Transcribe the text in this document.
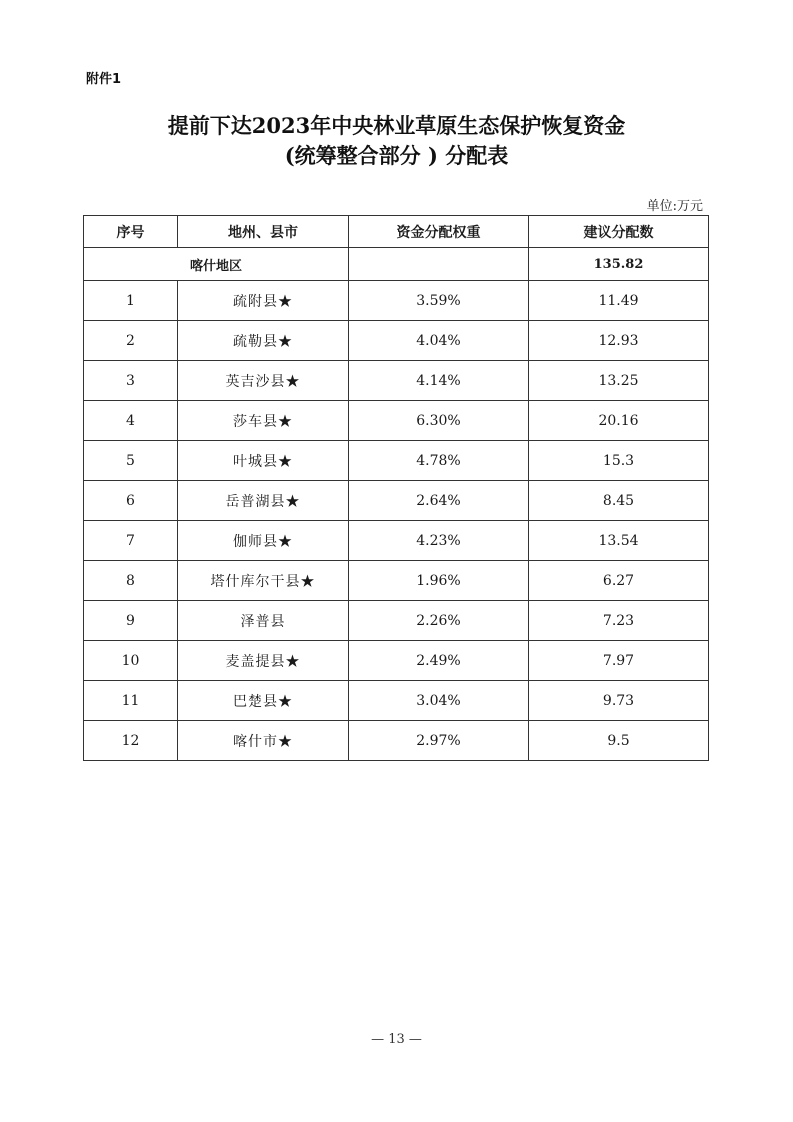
附件1
提前下达2023年中央林业草原生态保护恢复资金
(统筹整合部分 ) 分配表
单位:万元
序号	地州、县市	资金分配权重	建议分配数
喀什地区			135.82
1	疏附县★	3.59%	11.49
2	疏勒县★	4.04%	12.93
3	英吉沙县★	4.14%	13.25
4	莎车县★	6.30%	20.16
5	叶城县★	4.78%	15.3
6	岳普湖县★	2.64%	8.45
7	伽师县★	4.23%	13.54
8	塔什库尔干县★	1.96%	6.27
9	泽普县	2.26%	7.23
10	麦盖提县★	2.49%	7.97
11	巴楚县★	3.04%	9.73
12	喀什市★	2.97%	9.5
— 13 —
